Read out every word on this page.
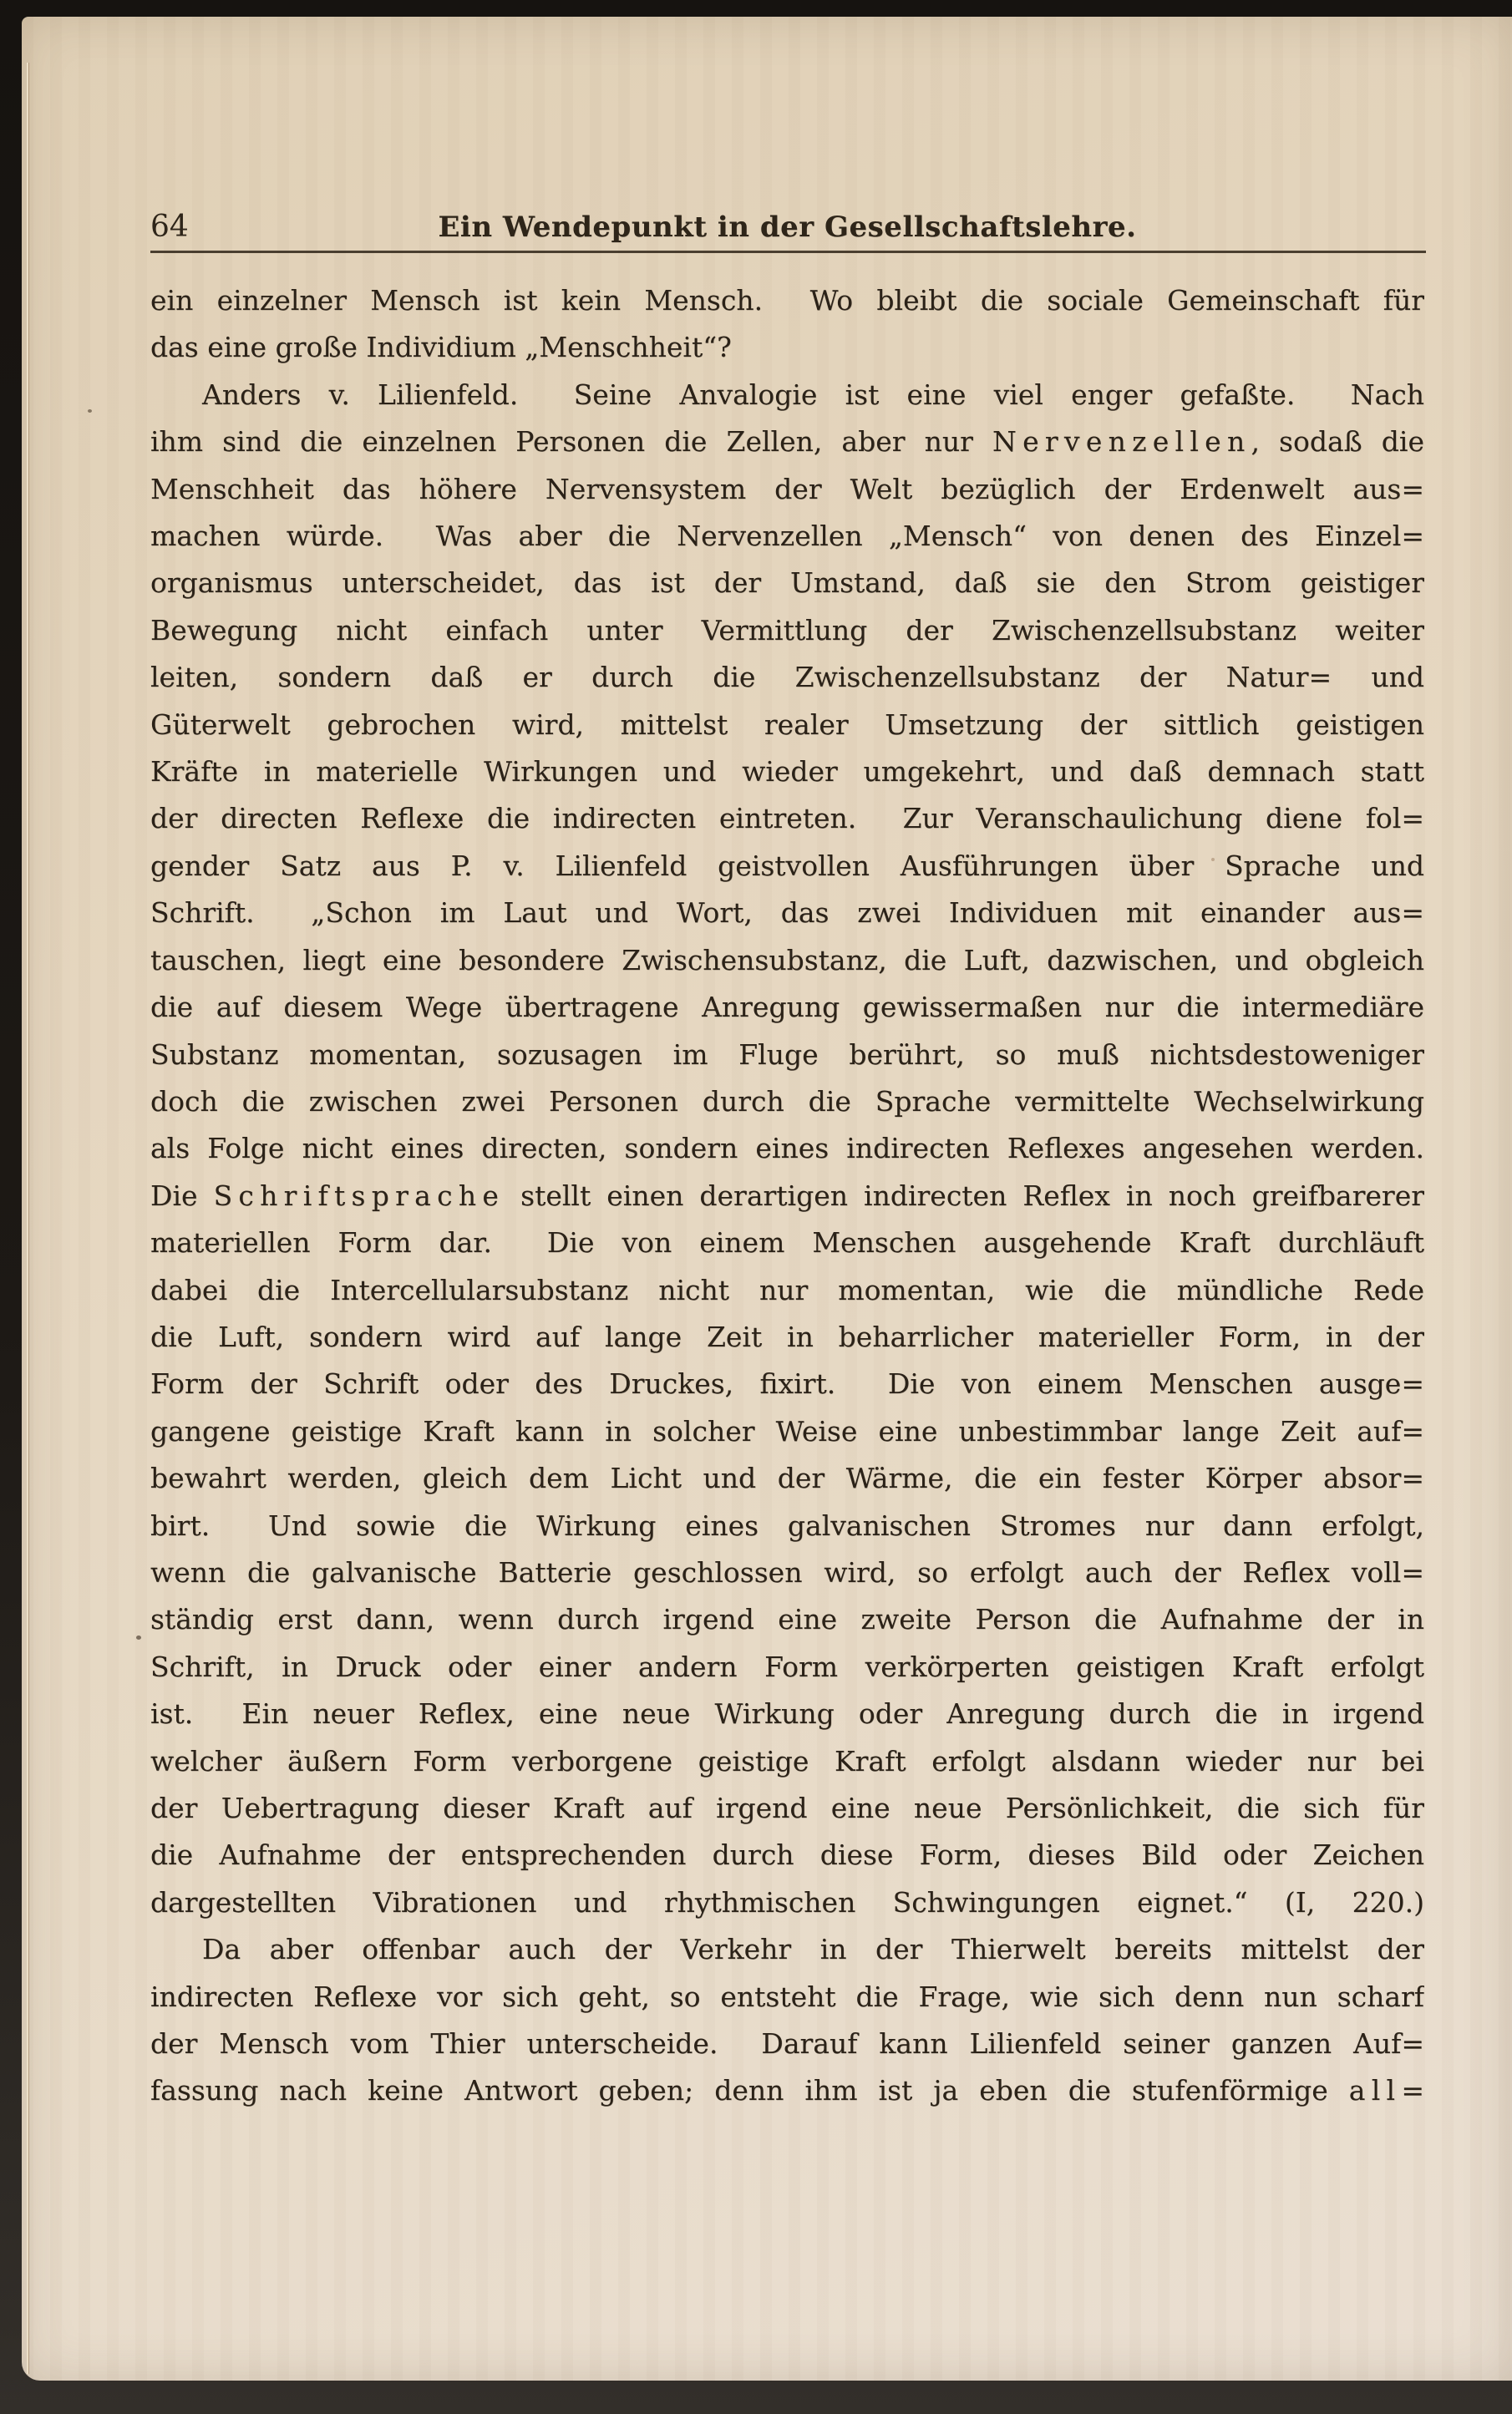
64	Ein Wendepunkt in der Gesellschaftslehre.
ein einzelner Mensch ist kein Mensch.  Wo bleibt die sociale Gemeinschaft für
das eine große Individium „Menschheit“?
Anders v. Lilienfeld.  Seine Anvalogie ist eine viel enger gefaßte.  Nach
ihm sind die einzelnen Personen die Zellen, aber nur Nervenzellen, sodaß die
Menschheit das höhere Nervensystem der Welt bezüglich der Erdenwelt aus=
machen würde.  Was aber die Nervenzellen „Mensch“ von denen des Einzel=
organismus unterscheidet, das ist der Umstand, daß sie den Strom geistiger
Bewegung nicht einfach unter Vermittlung der Zwischenzellsubstanz weiter
leiten, sondern daß er durch die Zwischenzellsubstanz der Natur= und
Güterwelt gebrochen wird, mittelst realer Umsetzung der sittlich geistigen
Kräfte in materielle Wirkungen und wieder umgekehrt, und daß demnach statt
der directen Reflexe die indirecten eintreten.  Zur Veranschaulichung diene fol=
gender Satz aus P. v. Lilienfeld geistvollen Ausführungen über Sprache und
Schrift.  „Schon im Laut und Wort, das zwei Individuen mit einander aus=
tauschen, liegt eine besondere Zwischensubstanz, die Luft, dazwischen, und obgleich
die auf diesem Wege übertragene Anregung gewissermaßen nur die intermediäre
Substanz momentan, sozusagen im Fluge berührt, so muß nichtsdestoweniger
doch die zwischen zwei Personen durch die Sprache vermittelte Wechselwirkung
als Folge nicht eines directen, sondern eines indirecten Reflexes angesehen werden.
Die Schriftsprache stellt einen derartigen indirecten Reflex in noch greifbarerer
materiellen Form dar.  Die von einem Menschen ausgehende Kraft durchläuft
dabei die Intercellularsubstanz nicht nur momentan, wie die mündliche Rede
die Luft, sondern wird auf lange Zeit in beharrlicher materieller Form, in der
Form der Schrift oder des Druckes, fixirt.  Die von einem Menschen ausge=
gangene geistige Kraft kann in solcher Weise eine unbestimmbar lange Zeit auf=
bewahrt werden, gleich dem Licht und der Wärme, die ein fester Körper absor=
birt.  Und sowie die Wirkung eines galvanischen Stromes nur dann erfolgt,
wenn die galvanische Batterie geschlossen wird, so erfolgt auch der Reflex voll=
ständig erst dann, wenn durch irgend eine zweite Person die Aufnahme der in
Schrift, in Druck oder einer andern Form verkörperten geistigen Kraft erfolgt
ist.  Ein neuer Reflex, eine neue Wirkung oder Anregung durch die in irgend
welcher äußern Form verborgene geistige Kraft erfolgt alsdann wieder nur bei
der Uebertragung dieser Kraft auf irgend eine neue Persönlichkeit, die sich für
die Aufnahme der entsprechenden durch diese Form, dieses Bild oder Zeichen
dargestellten Vibrationen und rhythmischen Schwingungen eignet.“ (I, 220.)
Da aber offenbar auch der Verkehr in der Thierwelt bereits mittelst der
indirecten Reflexe vor sich geht, so entsteht die Frage, wie sich denn nun scharf
der Mensch vom Thier unterscheide.  Darauf kann Lilienfeld seiner ganzen Auf=
fassung nach keine Antwort geben; denn ihm ist ja eben die stufenförmige all=
